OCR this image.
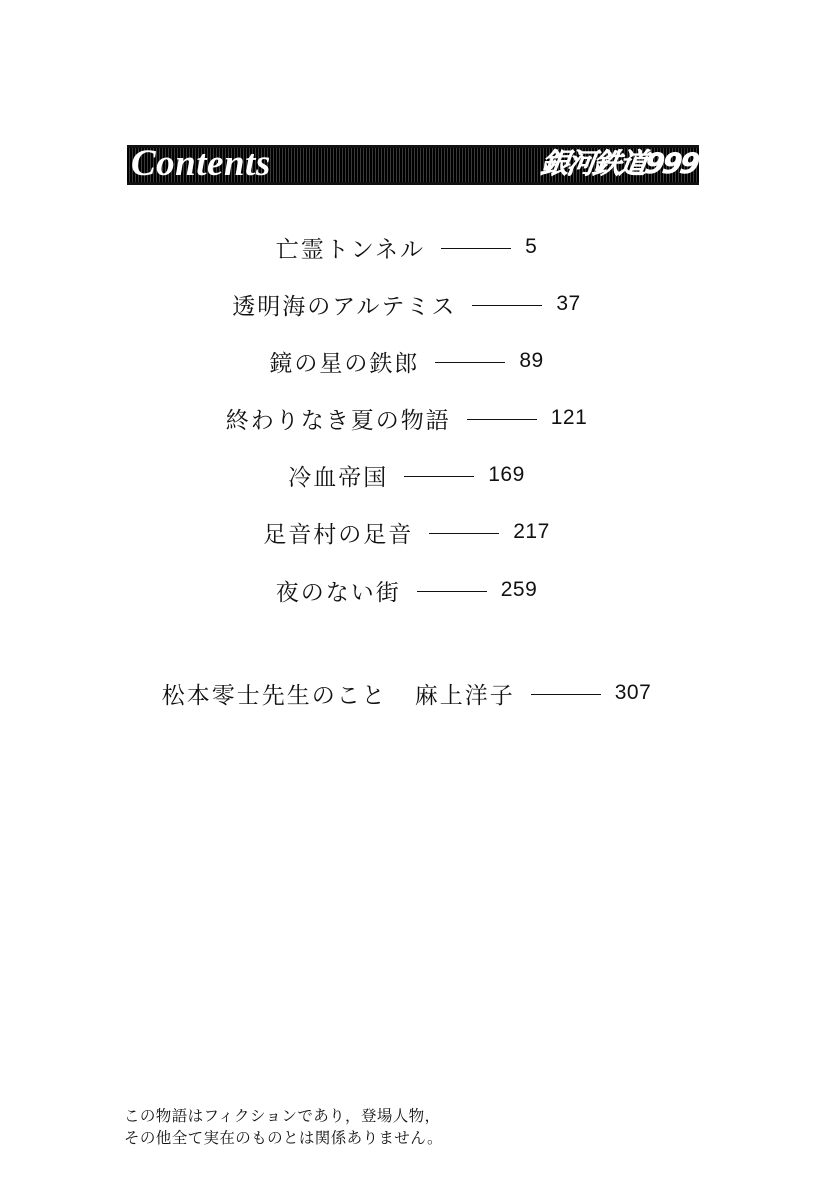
Contents	銀河鉄道999
亡霊トンネル	5
透明海のアルテミス	37
鏡の星の鉄郎	89
終わりなき夏の物語	121
冷血帝国	169
足音村の足音	217
夜のない街	259
松本零士先生のこと 麻上洋子	307
この物語はフィクションであり，登場人物，
その他全て実在のものとは関係ありません。
